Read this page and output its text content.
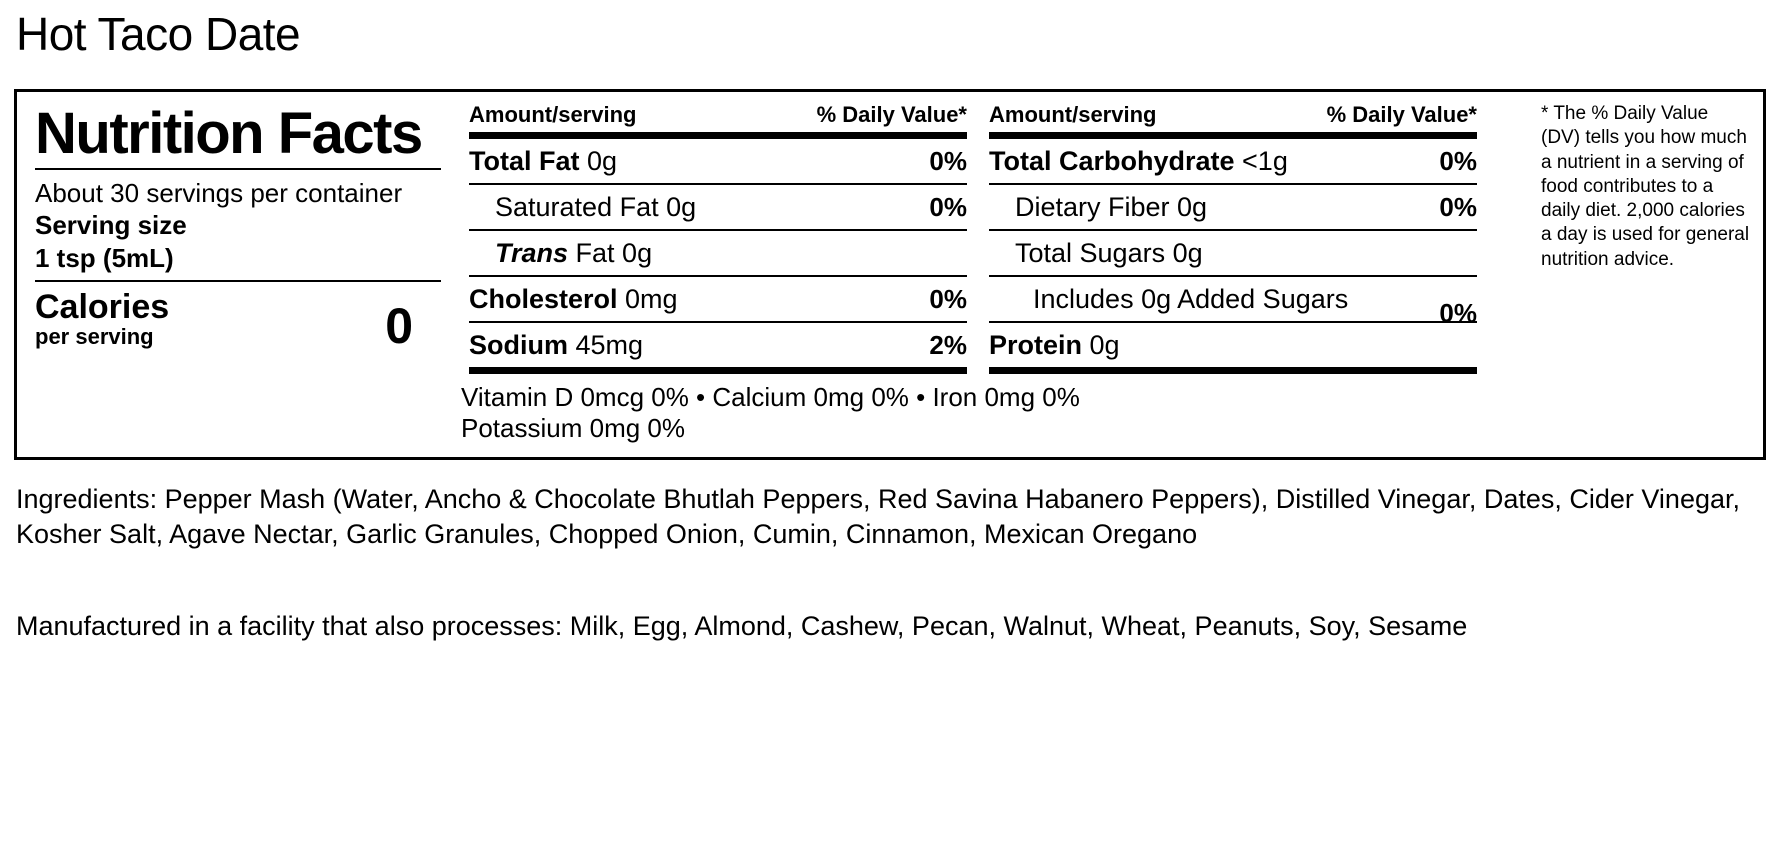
Hot Taco Date
Nutrition Facts
About 30 servings per container
Serving size
1 tsp (5mL)
Calories
per serving	0
Amount/serving	% Daily Value*
Total Fat 0g	0%
Saturated Fat 0g	0%
Trans Fat 0g
Cholesterol 0mg	0%
Sodium 45mg	2%
Amount/serving	% Daily Value*
Total Carbohydrate <1g	0%
Dietary Fiber 0g	0%
Total Sugars 0g
Includes 0g Added Sugars	0%
Protein 0g
* The % Daily Value (DV) tells you how much a nutrient in a serving of food contributes to a daily diet. 2,000 calories a day is used for general nutrition advice.
Vitamin D 0mcg 0% • Calcium 0mg 0% • Iron 0mg 0%
Potassium 0mg 0%
Ingredients: Pepper Mash (Water, Ancho & Chocolate Bhutlah Peppers, Red Savina Habanero Peppers), Distilled Vinegar, Dates, Cider Vinegar, Kosher Salt, Agave Nectar, Garlic Granules, Chopped Onion, Cumin, Cinnamon, Mexican Oregano
Manufactured in a facility that also processes: Milk, Egg, Almond, Cashew, Pecan, Walnut, Wheat, Peanuts, Soy, Sesame
